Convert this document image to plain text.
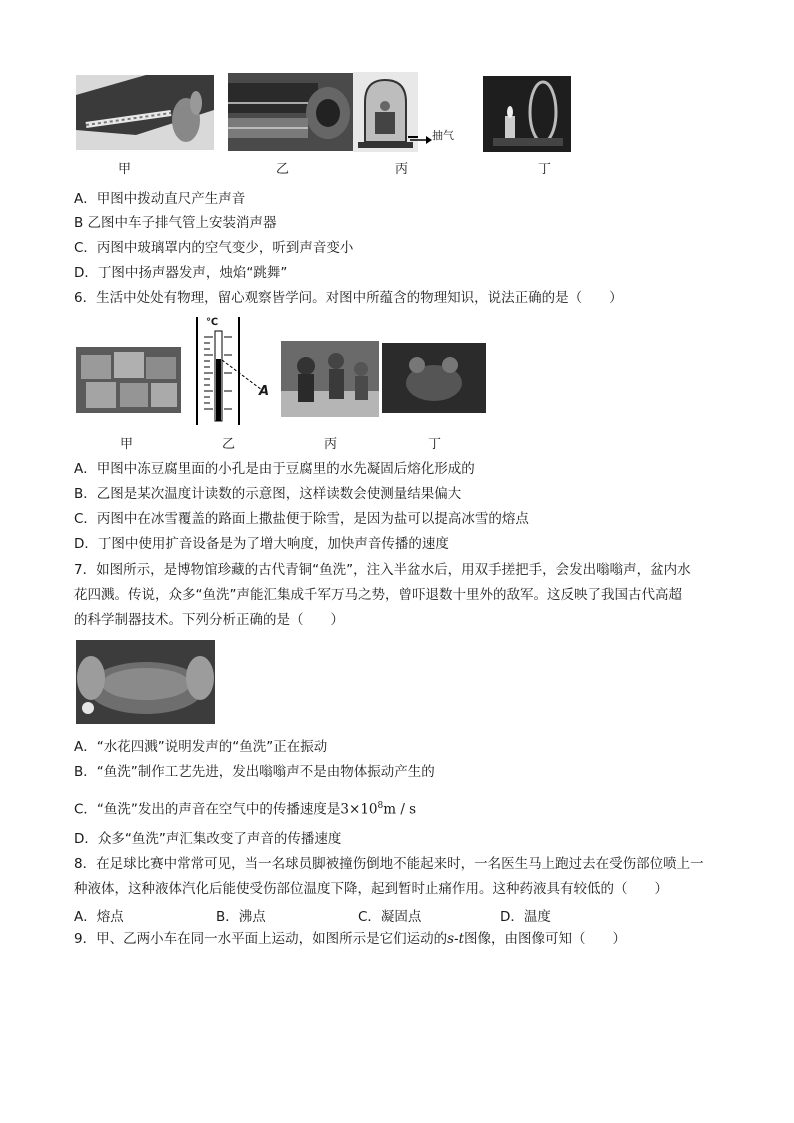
抽气
甲	乙	丙	丁
A．甲图中拨动直尺产生声音
B 乙图中车子排气管上安装消声器
C．丙图中玻璃罩内的空气变少，听到声音变小
D．丁图中扬声器发声，烛焰“跳舞”
6．生活中处处有物理，留心观察皆学问。对图中所蕴含的物理知识，说法正确的是（　　）
℃
A
甲	乙	丙	丁
A．甲图中冻豆腐里面的小孔是由于豆腐里的水先凝固后熔化形成的
B．乙图是某次温度计读数的示意图，这样读数会使测量结果偏大
C．丙图中在冰雪覆盖的路面上撒盐便于除雪，是因为盐可以提高冰雪的熔点
D．丁图中使用扩音设备是为了增大响度，加快声音传播的速度
7．如图所示，是博物馆珍藏的古代青铜“鱼洗”，注入半盆水后，用双手搓把手，会发出嗡嗡声，盆内水
花四溅。传说，众多“鱼洗”声能汇集成千军万马之势，曾吓退数十里外的敌军。这反映了我国古代高超
的科学制器技术。下列分析正确的是（　　）
A．“水花四溅”说明发声的“鱼洗”正在振动
B．“鱼洗”制作工艺先进，发出嗡嗡声不是由物体振动产生的
C．“鱼洗”发出的声音在空气中的传播速度是$3\times 10^8m / s$
D．众多“鱼洗”声汇集改变了声音的传播速度
8．在足球比赛中常常可见，当一名球员脚被撞伤倒地不能起来时，一名医生马上跑过去在受伤部位喷上一
种液体，这种液体汽化后能使受伤部位温度下降，起到暂时止痛作用。这种药液具有较低的（　　）
A．熔点	B．沸点	C．凝固点	D．温度
9．甲、乙两小车在同一水平面上运动，如图所示是它们运动的s-t图像，由图像可知（　　）
